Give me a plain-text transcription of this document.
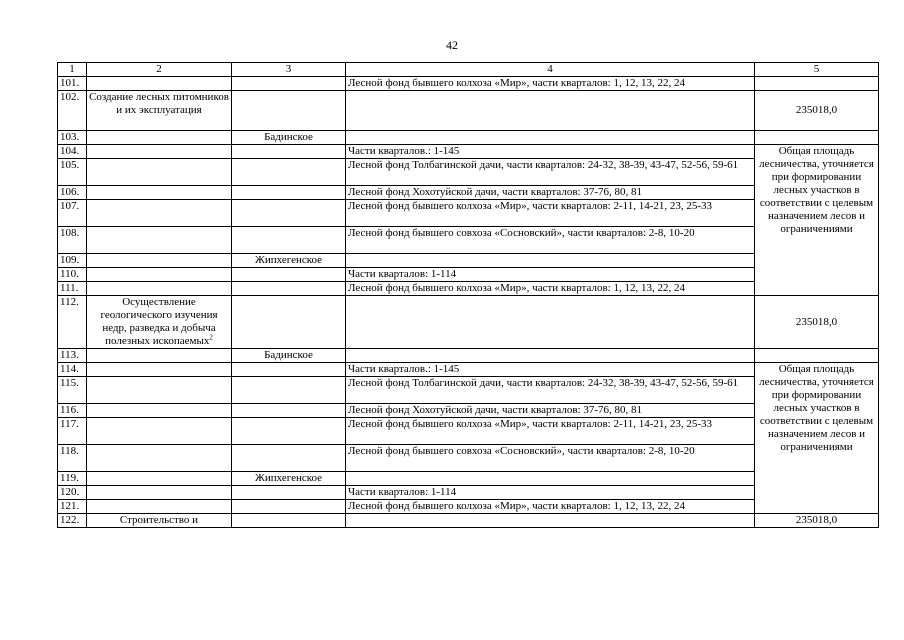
42
1	2	3	4	5
101.			Лесной фонд бывшего колхоза «Мир», части кварталов: 1, 12, 13, 22, 24	
102.	Создание лесных питомников и их эксплуатация			235018,0
103.		Бадинское		
104.			Части кварталов.: 1-145	Общая площадь лесничества, уточняется при формировании лесных участков в соответствии с целевым назначением лесов и ограничениями
105.			Лесной фонд Толбагинской дачи, части кварталов: 24-32, 38-39, 43-47, 52-56, 59-61	
106.			Лесной фонд Хохотуйской дачи, части кварталов: 37-76, 80, 81	
107.			Лесной фонд бывшего колхоза «Мир», части кварталов: 2-11, 14-21, 23, 25-33	
108.			Лесной фонд бывшего совхоза «Сосновский», части кварталов: 2-8, 10-20	
109.		Жипхегенское		
110.			Части кварталов: 1-114	
111.			Лесной фонд бывшего колхоза «Мир», части кварталов: 1, 12, 13, 22, 24	
112.	Осуществление геологического изучения недр, разведка и добыча полезных ископаемых$^2$			235018,0
113.		Бадинское		
114.			Части кварталов.: 1-145	Общая площадь лесничества, уточняется при формировании лесных участков в соответствии с целевым назначением лесов и ограничениями
115.			Лесной фонд Толбагинской дачи, части кварталов: 24-32, 38-39, 43-47, 52-56, 59-61	
116.			Лесной фонд Хохотуйской дачи, части кварталов: 37-76, 80, 81	
117.			Лесной фонд бывшего колхоза «Мир», части кварталов: 2-11, 14-21, 23, 25-33	
118.			Лесной фонд бывшего совхоза «Сосновский», части кварталов: 2-8, 10-20	
119.		Жипхегенское		
120.			Части кварталов: 1-114	
121.			Лесной фонд бывшего колхоза «Мир», части кварталов: 1, 12, 13, 22, 24	
122.	Строительство и			235018,0
